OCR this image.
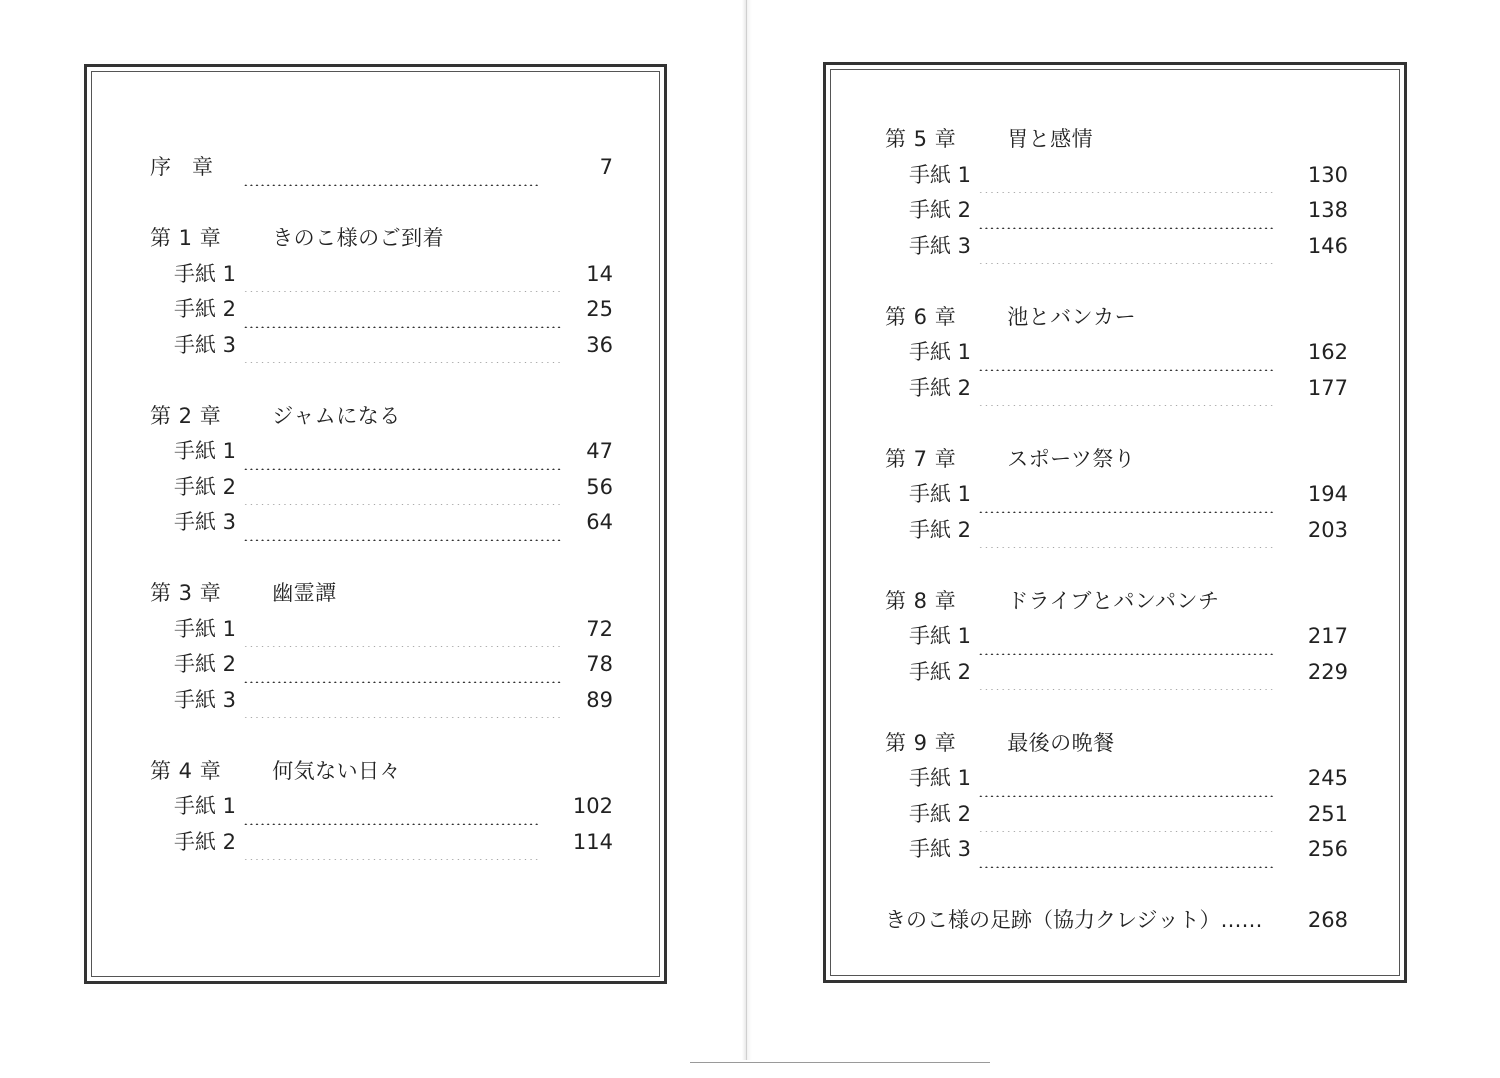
序　章	7
第 1 章 きのこ様のご到着
手紙 1	14
手紙 2	25
手紙 3	36
第 2 章 ジャムになる
手紙 1	47
手紙 2	56
手紙 3	64
第 3 章 幽霊譚
手紙 1	72
手紙 2	78
手紙 3	89
第 4 章 何気ない日々
手紙 1	102
手紙 2	114
第 5 章 胃と感情
手紙 1	130
手紙 2	138
手紙 3	146
第 6 章 池とバンカー
手紙 1	162
手紙 2	177
第 7 章 スポーツ祭り
手紙 1	194
手紙 2	203
第 8 章 ドライブとパンパンチ
手紙 1	217
手紙 2	229
第 9 章 最後の晩餐
手紙 1	245
手紙 2	251
手紙 3	256
きのこ様の足跡（協力クレジット）…… 268
